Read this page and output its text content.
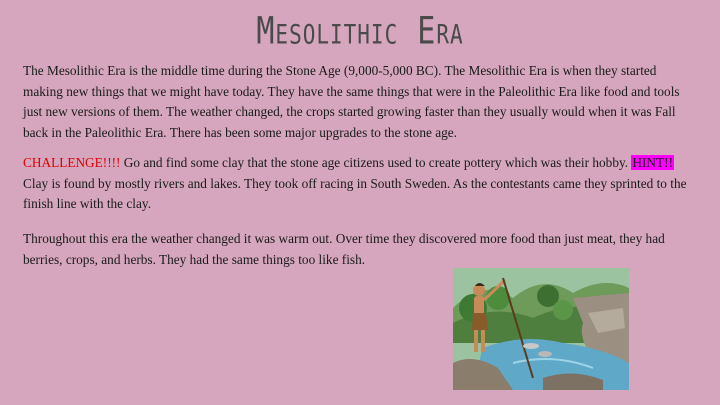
Mesolithic Era

The Mesolithic Era is the middle time during the Stone Age (9,000-5,000 BC). The Mesolithic Era is when they started making new things that we might have today. They have the same things that were in the Paleolithic Era like food and tools just new versions of them. The weather changed, the crops started growing faster than they usually would when it was Fall back in the Paleolithic Era. There has been some major upgrades to the stone age.

CHALLENGE!!!! Go and find some clay that the stone age citizens used to create pottery which was their hobby. HINT!! Clay is found by mostly rivers and lakes. They took off racing in South Sweden. As the contestants came they sprinted to the finish line with the clay.

Throughout this era the weather changed it was warm out. Over time they discovered more food than just meat, they had berries, crops, and herbs. They had the same things too like fish.
